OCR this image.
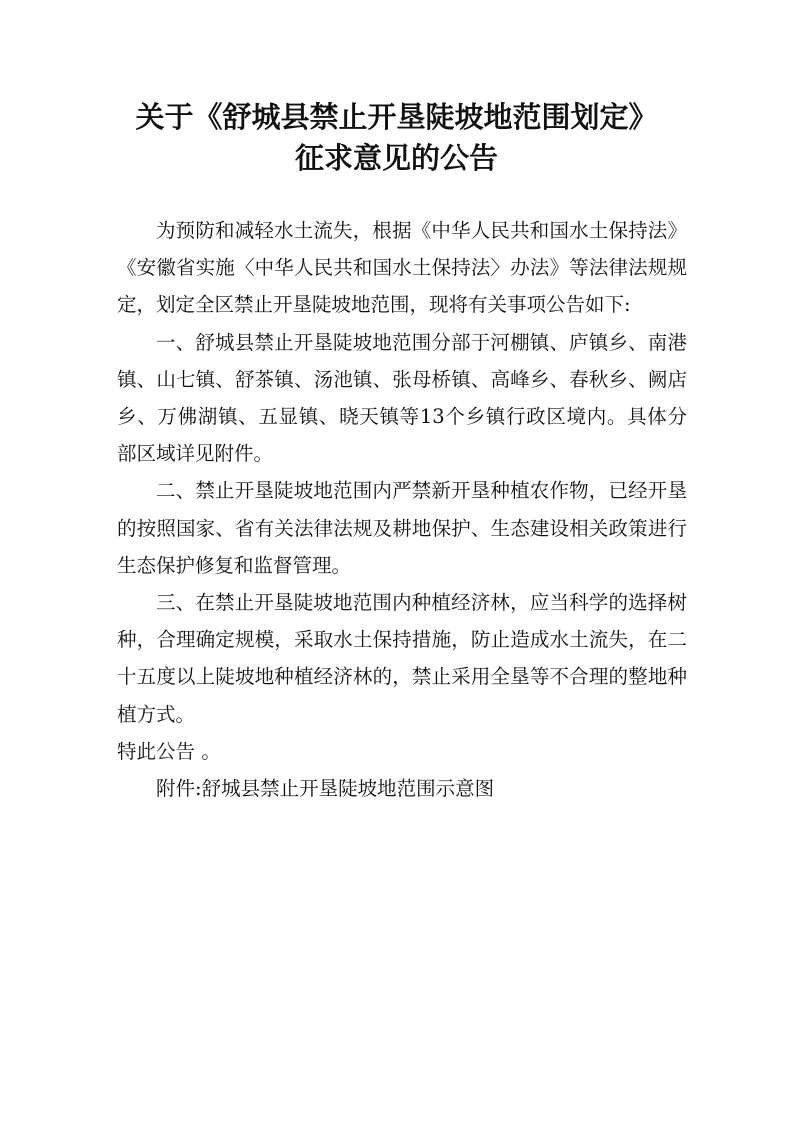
关于《舒城县禁止开垦陡坡地范围划定》
征求意见的公告

为预防和减轻水土流失，根据《中华人民共和国水土保持法》 《安徽省实施〈中华人民共和国水土保持法〉办法》等法律法规规定，划定全区禁止开垦陡坡地范围，现将有关事项公告如下:

一、舒城县禁止开垦陡坡地范围分部于河棚镇、庐镇乡、南港镇、山七镇、舒茶镇、汤池镇、张母桥镇、高峰乡、春秋乡、阙店乡、万佛湖镇、五显镇、晓天镇等13个乡镇行政区境内。具体分部区域详见附件。

二、禁止开垦陡坡地范围内严禁新开垦种植农作物，已经开垦的按照国家、省有关法律法规及耕地保护、生态建设相关政策进行生态保护修复和监督管理。

三、在禁止开垦陡坡地范围内种植经济林，应当科学的选择树种，合理确定规模，采取水土保持措施，防止造成水土流失，在二十五度以上陡坡地种植经济林的，禁止采用全垦等不合理的整地种植方式。

特此公告 。

附件:舒城县禁止开垦陡坡地范围示意图
